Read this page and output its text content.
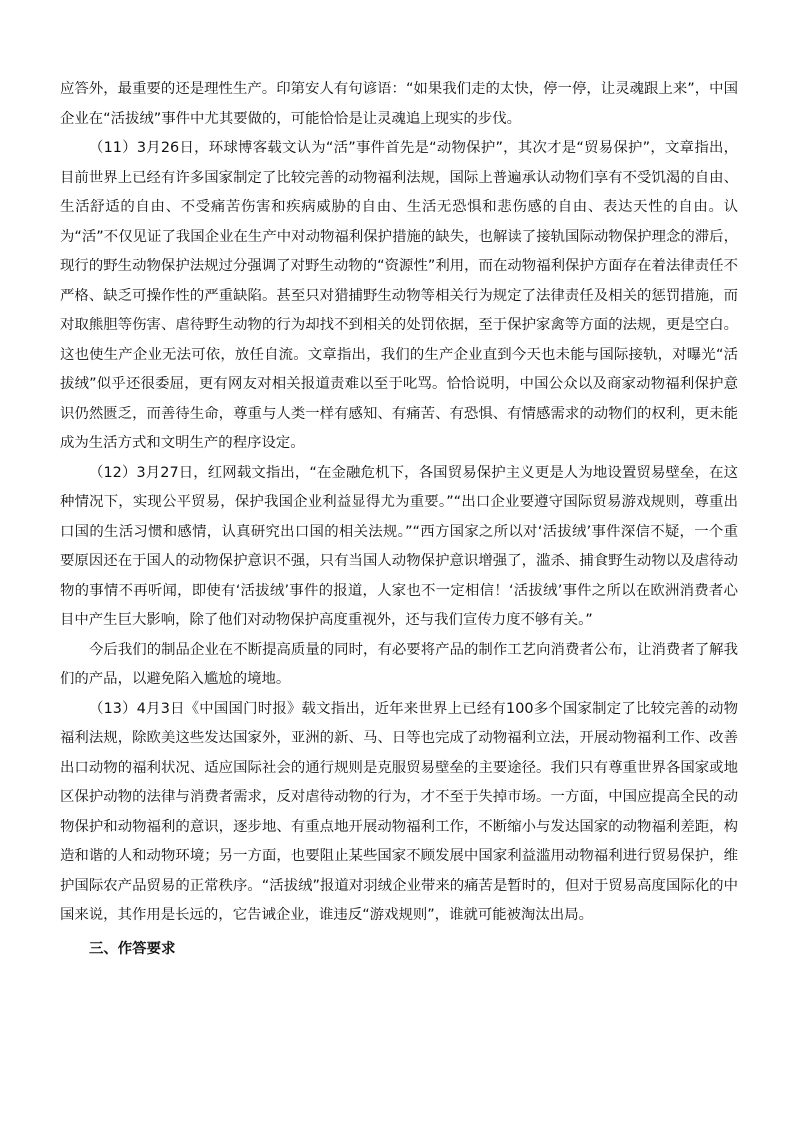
应答外，最重要的还是理性生产。印第安人有句谚语：“如果我们走的太快，停一停，让灵魂跟上来”，中国企业在“活拔绒”事件中尤其要做的，可能恰恰是让灵魂追上现实的步伐。

（11）3月26日，环球博客载文认为“活”事件首先是“动物保护”，其次才是“贸易保护”，文章指出，目前世界上已经有许多国家制定了比较完善的动物福利法规，国际上普遍承认动物们享有不受饥渴的自由、生活舒适的自由、不受痛苦伤害和疾病威胁的自由、生活无恐惧和悲伤感的自由、表达天性的自由。认为“活”不仅见证了我国企业在生产中对动物福利保护措施的缺失，也解读了接轨国际动物保护理念的滞后，现行的野生动物保护法规过分强调了对野生动物的“资源性”利用，而在动物福利保护方面存在着法律责任不严格、缺乏可操作性的严重缺陷。甚至只对猎捕野生动物等相关行为规定了法律责任及相关的惩罚措施，而对取熊胆等伤害、虐待野生动物的行为却找不到相关的处罚依据，至于保护家禽等方面的法规，更是空白。这也使生产企业无法可依，放任自流。文章指出，我们的生产企业直到今天也未能与国际接轨，对曝光“活拔绒”似乎还很委屈，更有网友对相关报道责难以至于叱骂。恰恰说明，中国公众以及商家动物福利保护意识仍然匮乏，而善待生命，尊重与人类一样有感知、有痛苦、有恐惧、有情感需求的动物们的权利，更未能成为生活方式和文明生产的程序设定。

（12）3月27日，红网载文指出，“在金融危机下，各国贸易保护主义更是人为地设置贸易壁垒，在这种情况下，实现公平贸易，保护我国企业利益显得尤为重要。”“出口企业要遵守国际贸易游戏规则，尊重出口国的生活习惯和感情，认真研究出口国的相关法规。”“西方国家之所以对‘活拔绒’事件深信不疑，一个重要原因还在于国人的动物保护意识不强，只有当国人动物保护意识增强了，滥杀、捕食野生动物以及虐待动物的事情不再听闻，即使有‘活拔绒’事件的报道，人家也不一定相信！‘活拔绒’事件之所以在欧洲消费者心目中产生巨大影响，除了他们对动物保护高度重视外，还与我们宣传力度不够有关。”

今后我们的制品企业在不断提高质量的同时，有必要将产品的制作工艺向消费者公布，让消费者了解我们的产品，以避免陷入尴尬的境地。

（13）4月3日《中国国门时报》载文指出，近年来世界上已经有100多个国家制定了比较完善的动物福利法规，除欧美这些发达国家外，亚洲的新、马、日等也完成了动物福利立法，开展动物福利工作、改善出口动物的福利状况、适应国际社会的通行规则是克服贸易壁垒的主要途径。我们只有尊重世界各国家或地区保护动物的法律与消费者需求，反对虐待动物的行为，才不至于失掉市场。一方面，中国应提高全民的动物保护和动物福利的意识，逐步地、有重点地开展动物福利工作，不断缩小与发达国家的动物福利差距，构造和谐的人和动物环境；另一方面，也要阻止某些国家不顾发展中国家利益滥用动物福利进行贸易保护，维护国际农产品贸易的正常秩序。“活拔绒”报道对羽绒企业带来的痛苦是暂时的，但对于贸易高度国际化的中国来说，其作用是长远的，它告诫企业，谁违反“游戏规则”，谁就可能被淘汰出局。

三、作答要求
